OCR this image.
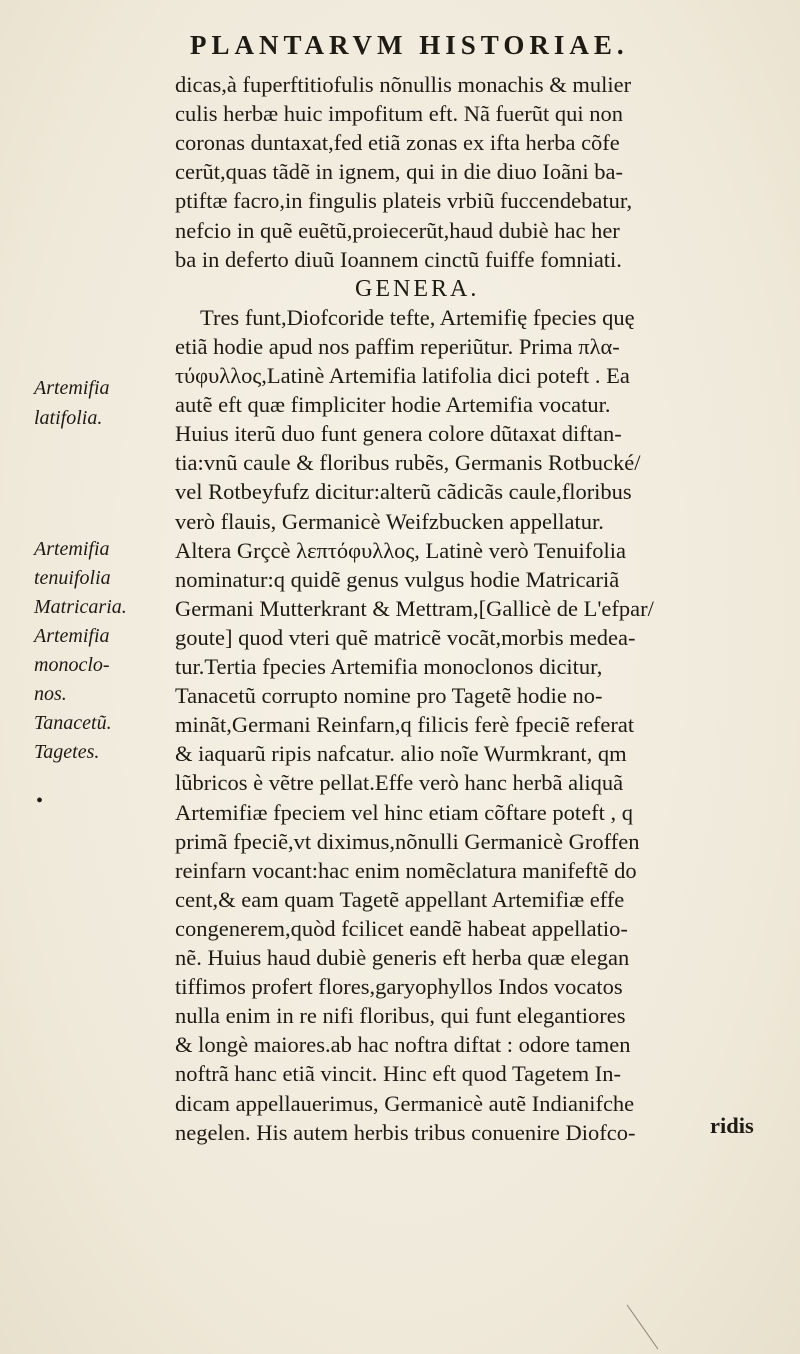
PLANTARVM HISTORIAE.
dicas,à fuperftitiofulis nõnullis monachis & mulier
culis herbæ huic impofitum eft. Nã fuerũt qui non
coronas duntaxat,fed etiã zonas ex ifta herba cõfe
cerũt,quas tãdẽ in ignem, qui in die diuo Ioãni ba-
ptiftæ facro,in fingulis plateis vrbiũ fuccendebatur,
nefcio in quẽ euẽtũ,proiecerũt,haud dubiè hac her
ba in deferto diuũ Ioannem cinctũ fuiffe fomniati.
GENERA.
Tres funt,Diofcoride tefte, Artemifię fpecies quę
etiã hodie apud nos paffim reperiũtur. Prima πλα-
τύφυλλος,Latinè Artemifia latifolia dici poteft . Ea
autẽ eft quæ fimpliciter hodie Artemifia vocatur.
Huius iterũ duo funt genera colore dũtaxat diftan-
tia:vnũ caule & floribus rubẽs, Germanis Rotbucké/
vel Rotbeyfufz dicitur:alterũ cãdicãs caule,floribus
verò flauis, Germanicè Weifzbucken appellatur.
Altera Grçcè λεπτόφυλλος, Latinè verò Tenuifolia
nominatur:q quidẽ genus vulgus hodie Matricariã
Germani Mutterkrant & Mettram,[Gallicè de L'efpar/
goute] quod vteri quẽ matricẽ vocãt,morbis medea-
tur.Tertia fpecies Artemifia monoclonos dicitur,
Tanacetũ corrupto nomine pro Tagetẽ hodie no-
minãt,Germani Reinfarn,q filicis ferè fpeciẽ referat
& iaquarũ ripis nafcatur. alio noĩe Wurmkrant, qm
lũbricos è vẽtre pellat.Effe verò hanc herbã aliquã
Artemifiæ fpeciem vel hinc etiam cõftare poteft , q
primã fpeciẽ,vt diximus,nõnulli Germanicè Groffen
reinfarn vocant:hac enim nomẽclatura manifeftẽ do
cent,& eam quam Tagetẽ appellant Artemifiæ effe
congenerem,quòd fcilicet eandẽ habeat appellatio-
nẽ. Huius haud dubiè generis eft herba quæ elegan
tiffimos profert flores,garyophyllos Indos vocatos
nulla enim in re nifi floribus, qui funt elegantiores
& longè maiores.ab hac noftra diftat : odore tamen
noftrã hanc etiã vincit. Hinc eft quod Tagetem In-
dicam appellauerimus, Germanicè autẽ Indianifche
negelen. His autem herbis tribus conuenire Diofco-
Artemifia
latifolia.
Artemifia
tenuifolia
Matricaria.
Artemifia
monoclo-
nos.
Tanacetũ.
Tagetes.
•
ridis
